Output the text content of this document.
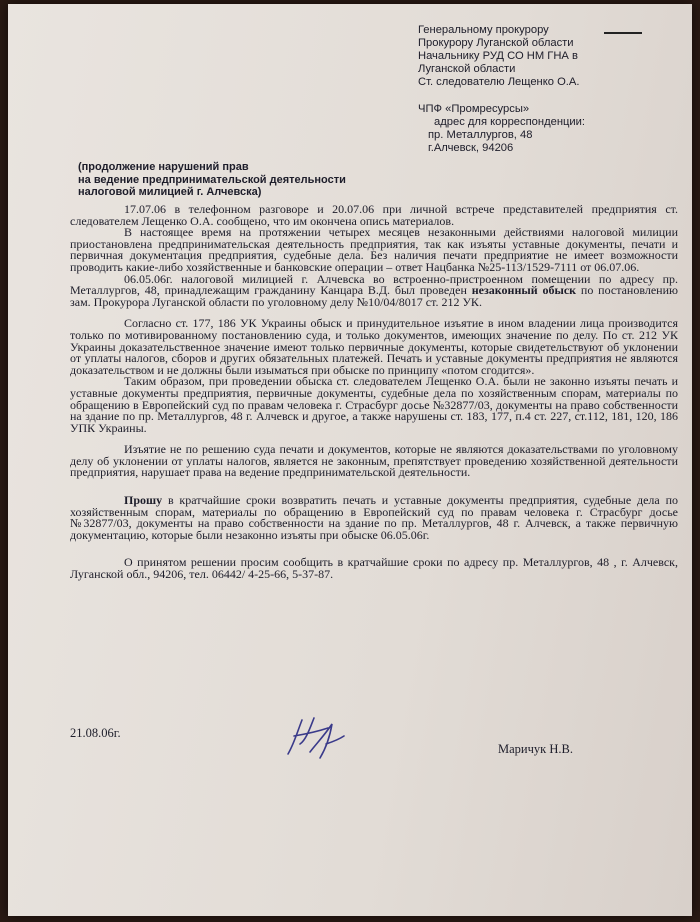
Генеральному прокурору
Прокурору Луганской области
Начальнику РУД СО НМ ГНА в
Луганской области
Ст. следователю Лещенко О.А.
ЧПФ «Промресурсы»
адрес для корреспонденции:
пр. Металлургов, 48
г.Алчевск, 94206
(продолжение нарушений прав
на ведение предпринимательской деятельности
налоговой милицией г. Алчевска)

17.07.06 в телефонном разговоре и 20.07.06 при личной встрече представителей предприятия ст. следователем Лещенко О.А. сообщено, что им окончена опись материалов.

В настоящее время на протяжении четырех месяцев незаконными действиями налоговой милиции приостановлена предпринимательская деятельность предприятия, так как изъяты уставные документы, печати и первичная документация предприятия, судебные дела. Без наличия печати предприятие не имеет возможности проводить какие-либо хозяйственные и банковские операции – ответ Нацбанка №25-113/1529-7111 от 06.07.06.

06.05.06г. налоговой милицией г. Алчевска во встроенно-пристроенном помещении по адресу пр. Металлургов, 48, принадлежащим гражданину Канцара В.Д. был проведен незаконный обыск по постановлению зам. Прокурора Луганской области по уголовному делу №10/04/8017 ст. 212 УК.

Согласно ст. 177, 186 УК Украины обыск и принудительное изъятие в ином владении лица производится только по мотивированному постановлению суда, и только документов, имеющих значение по делу. По ст. 212 УК Украины доказательственное значение имеют только первичные документы, которые свидетельствуют об уклонении от уплаты налогов, сборов и других обязательных платежей. Печать и уставные документы предприятия не являются доказательством и не должны были изыматься при обыске по принципу «потом сгодится».

Таким образом, при проведении обыска ст. следователем Лещенко О.А. были не законно изъяты печать и уставные документы предприятия, первичные документы, судебные дела по хозяйственным спорам, материалы по обращению в Европейский суд по правам человека г. Страсбург досье №32877/03, документы на право собственности на здание по пр. Металлургов, 48 г. Алчевск и другое, а также нарушены ст. 183, 177, п.4 ст. 227, ст.112, 181, 120, 186 УПК Украины.

Изъятие не по решению суда печати и документов, которые не являются доказательствами по уголовному делу об уклонении от уплаты налогов, является не законным, препятствует проведению хозяйственной деятельности предприятия, нарушает права на ведение предпринимательской деятельности.

Прошу в кратчайшие сроки возвратить печать и уставные документы предприятия, судебные дела по хозяйственным спорам, материалы по обращению в Европейский суд по правам человека г. Страсбург досье №32877/03, документы на право собственности на здание по пр. Металлургов, 48 г. Алчевск, а также первичную документацию, которые были незаконно изъяты при обыске 06.05.06г.

О принятом решении просим сообщить в кратчайшие сроки по адресу пр. Металлургов, 48 , г. Алчевск, Луганской обл., 94206, тел. 06442/ 4-25-66, 5-37-87.

21.08.06г.
Маричук Н.В.
